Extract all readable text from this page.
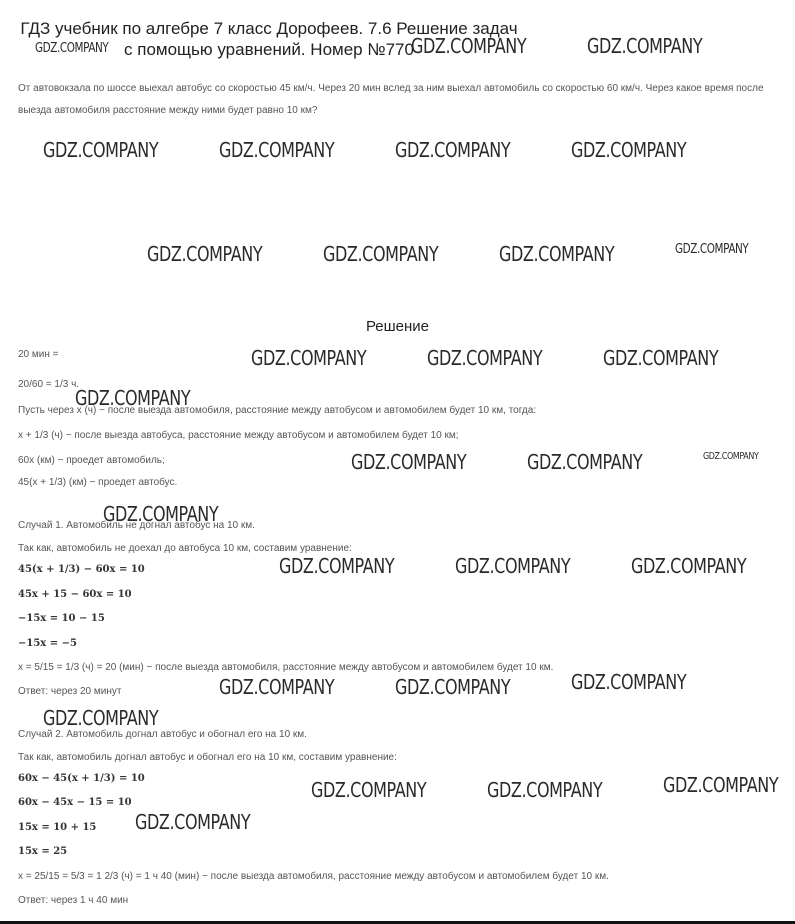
ГДЗ учебник по алгебре 7 класс Дорофеев. 7.6 Решение задач
с помощью уравнений. Номер №770
От автовокзала по шоссе выехал автобус со скоростью 45 км/ч. Через 20 мин вслед за ним выехал автомобиль со скоростью 60 км/ч. Через какое время после выезда автомобиля расстояние между ними будет равно 10 км?
Решение
20 мин =
20/60 = 1/3 ч.
Пусть через x (ч) − после выезда автомобиля, расстояние между автобусом и автомобилем будет 10 км, тогда:
x + 1/3 (ч) − после выезда автобуса, расстояние между автобусом и автомобилем будет 10 км;
60x (км) − проедет автомобиль;
45(x + 1/3) (км) − проедет автобус.
Случай 1. Автомобиль не догнал автобус на 10 км.
Так как, автомобиль не доехал до автобуса 10 км, составим уравнение:
45(x + 1/3) − 60x = 10
45x + 15 − 60x = 10
−15x = 10 − 15
−15x = −5
x = 5/15 = 1/3 (ч) = 20 (мин) − после выезда автомобиля, расстояние между автобусом и автомобилем будет 10 км.
Ответ: через 20 минут
Случай 2. Автомобиль догнал автобус и обогнал его на 10 км.
Так как, автомобиль догнал автобус и обогнал его на 10 км, составим уравнение:
60x − 45(x + 1/3) = 10
60x − 45x − 15 = 10
15x = 10 + 15
15x = 25
x = 25/15 = 5/3 = 1 2/3 (ч) = 1 ч 40 (мин) − после выезда автомобиля, расстояние между автобусом и автомобилем будет 10 км.
Ответ: через 1 ч 40 мин
GDZ.COMPANY	GDZ.COMPANY	GDZ.COMPANY
GDZ.COMPANY	GDZ.COMPANY	GDZ.COMPANY	GDZ.COMPANY
GDZ.COMPANY	GDZ.COMPANY	GDZ.COMPANY	GDZ.COMPANY
GDZ.COMPANY	GDZ.COMPANY	GDZ.COMPANY
GDZ.COMPANY
GDZ.COMPANY	GDZ.COMPANY	GDZ.COMPANY
GDZ.COMPANY
GDZ.COMPANY	GDZ.COMPANY	GDZ.COMPANY
GDZ.COMPANY	GDZ.COMPANY	GDZ.COMPANY
GDZ.COMPANY
GDZ.COMPANY	GDZ.COMPANY	GDZ.COMPANY
GDZ.COMPANY
